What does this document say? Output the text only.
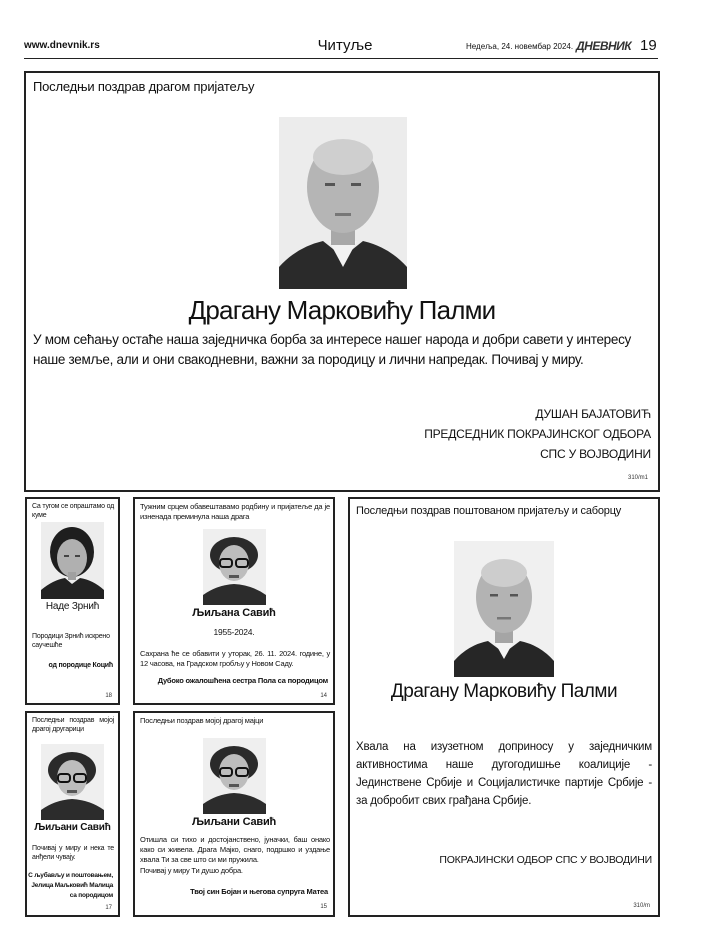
www.dnevnik.rs	Читуље	Недеља, 24. новембар 2024. ДНЕВНИК 19
Последњи поздрав драгом пријатељу
Драгану Марковићу Палми
У мом сећању остаће наша заједничка борба за интересе нашег народа и добри савети у интересу наше земље, али и они свакодневни, важни за породицу и лични напредак. Почивај у миру.
ДУШАН БАЈАТОВИЋ
ПРЕДСЕДНИК ПОКРАЈИНСКОГ ОДБОРА
СПС У ВОЈВОДИНИ
310/m1
Са тугом се опраштамо од куме
Наде Зрнић
Породици Зрнић искрено саучешће
од породице Коцић
18
Тужним срцем обавештавамо родбину и пријатеље да је изненада преминула наша драга
Љиљана Савић
1955-2024.
Сахрана ће се обавити у уторак, 26. 11. 2024. године, у 12 часова, на Градском гробљу у Новом Саду.
Дубоко ожалошћена сестра Пола са породицом
14
Последњи поздрав мојој драгој другарици
Љиљани Савић
Почивај у миру и нека те анђели чувају.
С љубављу и поштовањем,
Јелица Маљковић Малица
са породицом
17
Последњи поздрав мојој драгој мајци
Љиљани Савић
Отишла си тихо и достојанствено, јуначки, баш онако како си живела. Драга Мајко, снаго, подршко и уздање хвала Ти за све што си ми пружила.
Почивај у миру Ти душо добра.
Твој син Бојан и његова супруга Матеа
15
Последњи поздрав поштованом пријатељу и саборцу
Драгану Марковићу Палми
Хвала на изузетном доприносу у заједничким активностима наше дугогодишње коалиције - Јединствене Србије и Социјалистичке партије Србије - за добробит свих грађана Србије.
ПОКРАЈИНСКИ ОДБОР СПС У ВОЈВОДИНИ
310/m
